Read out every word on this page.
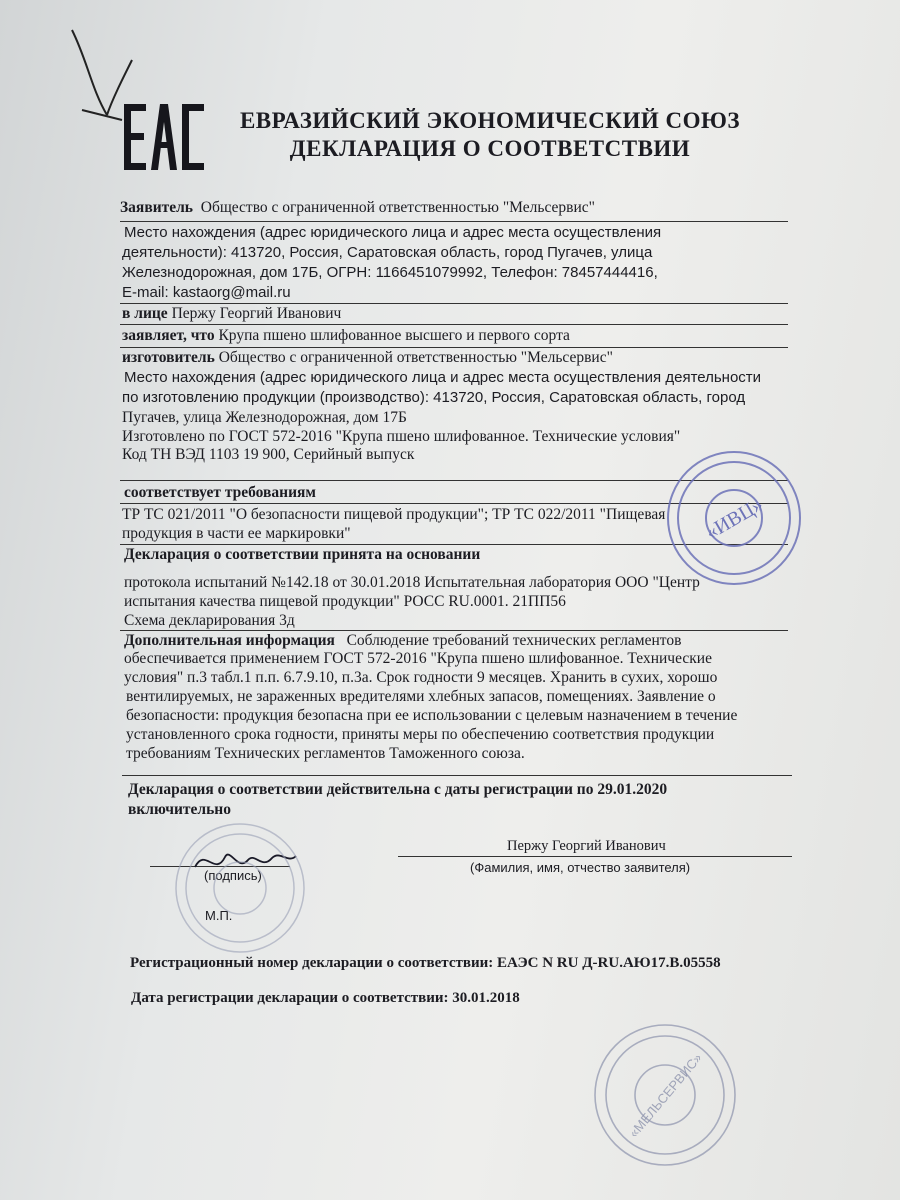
ЕВРАЗИЙСКИЙ ЭКОНОМИЧЕСКИЙ СОЮЗ
ДЕКЛАРАЦИЯ О СООТВЕТСТВИИ
Заявитель Общество с ограниченной ответственностью "Мельсервис"
Место нахождения (адрес юридического лица и адрес места осуществления
деятельности): 413720, Россия, Саратовская область, город Пугачев, улица
Железнодорожная, дом 17Б, ОГРН: 1166451079992, Телефон: 78457444416,
E-mail: kastaorg@mail.ru
в лице Пержу Георгий Иванович
заявляет, что Крупа пшено шлифованное высшего и первого сорта
изготовитель Общество с ограниченной ответственностью "Мельсервис"
Место нахождения (адрес юридического лица и адрес места осуществления деятельности
по изготовлению продукции (производство): 413720, Россия, Саратовская область, город
Пугачев, улица Железнодорожная, дом 17Б
Изготовлено по ГОСТ 572-2016 "Крупа пшено шлифованное. Технические условия"
Код ТН ВЭД 1103 19 900, Серийный выпуск
соответствует требованиям
ТР ТС 021/2011 "О безопасности пищевой продукции"; ТР ТС 022/2011 "Пищевая
продукция в части ее маркировки"
Декларация о соответствии принята на основании
протокола испытаний №142.18 от 30.01.2018 Испытательная лаборатория ООО "Центр
испытания качества пищевой продукции" РОСС RU.0001. 21ПП56
Схема декларирования 3д
Дополнительная информация Соблюдение требований технических регламентов
обеспечивается применением ГОСТ 572-2016 "Крупа пшено шлифованное. Технические
условия" п.3 табл.1 п.п. 6.7.9.10, п.3а. Срок годности 9 месяцев. Хранить в сухих, хорошо
вентилируемых, не зараженных вредителями хлебных запасов, помещениях. Заявление о
безопасности: продукция безопасна при ее использовании с целевым назначением в течение
установленного срока годности, приняты меры по обеспечению соответствия продукции
требованиям Технических регламентов Таможенного союза.
Декларация о соответствии действительна с даты регистрации по 29.01.2020
включительно
(подпись)
М.П.
Пержу Георгий Иванович
(Фамилия, имя, отчество заявителя)
Регистрационный номер декларации о соответствии: ЕАЭС N RU Д-RU.АЮ17.В.05558
Дата регистрации декларации о соответствии: 30.01.2018
«ИВЦ»
«МЕЛЬСЕРВИС»
